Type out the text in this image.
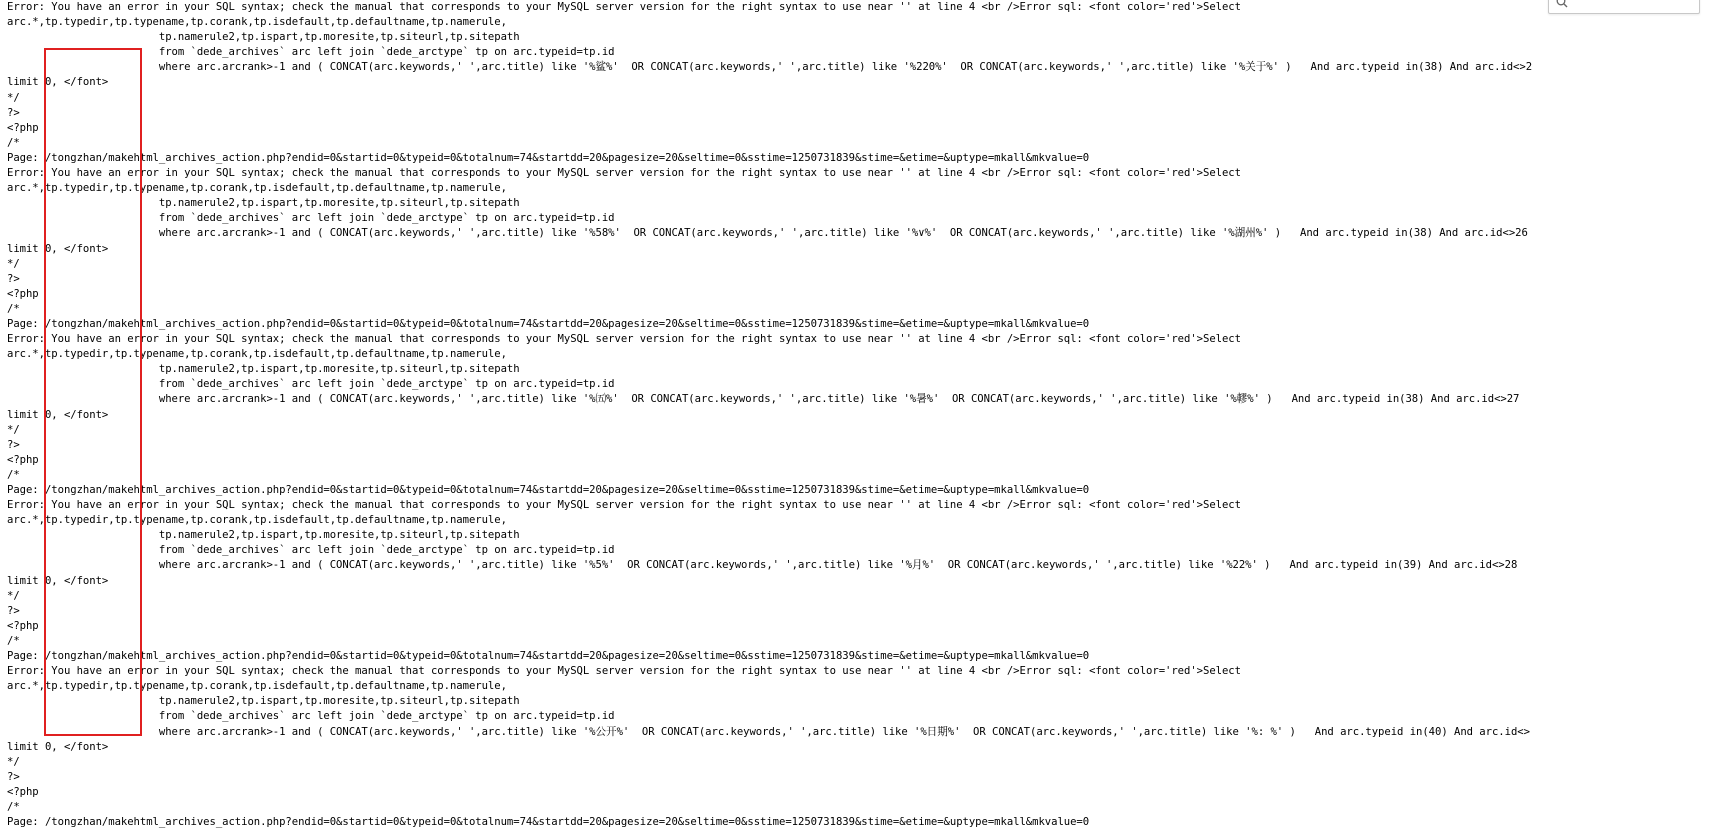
Error: You have an error in your SQL syntax; check the manual that corresponds to your MySQL server version for the right syntax to use near '' at line 4 <br />Error sql: <font color='red'>Select
arc.*,tp.typedir,tp.typename,tp.corank,tp.isdefault,tp.defaultname,tp.namerule,
tp.namerule2,tp.ispart,tp.moresite,tp.siteurl,tp.sitepath
from `dede_archives` arc left join `dede_arctype` tp on arc.typeid=tp.id
where arc.arcrank>-1 and ( CONCAT(arc.keywords,' ',arc.title) like '%鲨%'  OR CONCAT(arc.keywords,' ',arc.title) like '%220%'  OR CONCAT(arc.keywords,' ',arc.title) like '%关于%' )   And arc.typeid in(38) And arc.id<>2
limit 0, </font>
*/
?>
<?php
/*
Page: /tongzhan/makehtml_archives_action.php?endid=0&startid=0&typeid=0&totalnum=74&startdd=20&pagesize=20&seltime=0&sstime=1250731839&stime=&etime=&uptype=mkall&mkvalue=0
Error: You have an error in your SQL syntax; check the manual that corresponds to your MySQL server version for the right syntax to use near '' at line 4 <br />Error sql: <font color='red'>Select
arc.*,tp.typedir,tp.typename,tp.corank,tp.isdefault,tp.defaultname,tp.namerule,
tp.namerule2,tp.ispart,tp.moresite,tp.siteurl,tp.sitepath
from `dede_archives` arc left join `dede_arctype` tp on arc.typeid=tp.id
where arc.arcrank>-1 and ( CONCAT(arc.keywords,' ',arc.title) like '%58%'  OR CONCAT(arc.keywords,' ',arc.title) like '%∨%'  OR CONCAT(arc.keywords,' ',arc.title) like '%湖州%' )   And arc.typeid in(38) And arc.id<>26
limit 0, </font>
*/
?>
<?php
/*
Page: /tongzhan/makehtml_archives_action.php?endid=0&startid=0&typeid=0&totalnum=74&startdd=20&pagesize=20&seltime=0&sstime=1250731839&stime=&etime=&uptype=mkall&mkvalue=0
Error: You have an error in your SQL syntax; check the manual that corresponds to your MySQL server version for the right syntax to use near '' at line 4 <br />Error sql: <font color='red'>Select
arc.*,tp.typedir,tp.typename,tp.corank,tp.isdefault,tp.defaultname,tp.namerule,
tp.namerule2,tp.ispart,tp.moresite,tp.siteurl,tp.sitepath
from `dede_archives` arc left join `dede_arctype` tp on arc.typeid=tp.id
where arc.arcrank>-1 and ( CONCAT(arc.keywords,' ',arc.title) like '%㈤%'  OR CONCAT(arc.keywords,' ',arc.title) like '%暑%'  OR CONCAT(arc.keywords,' ',arc.title) like '%轇%' )   And arc.typeid in(38) And arc.id<>27
limit 0, </font>
*/
?>
<?php
/*
Page: /tongzhan/makehtml_archives_action.php?endid=0&startid=0&typeid=0&totalnum=74&startdd=20&pagesize=20&seltime=0&sstime=1250731839&stime=&etime=&uptype=mkall&mkvalue=0
Error: You have an error in your SQL syntax; check the manual that corresponds to your MySQL server version for the right syntax to use near '' at line 4 <br />Error sql: <font color='red'>Select
arc.*,tp.typedir,tp.typename,tp.corank,tp.isdefault,tp.defaultname,tp.namerule,
tp.namerule2,tp.ispart,tp.moresite,tp.siteurl,tp.sitepath
from `dede_archives` arc left join `dede_arctype` tp on arc.typeid=tp.id
where arc.arcrank>-1 and ( CONCAT(arc.keywords,' ',arc.title) like '%5%'  OR CONCAT(arc.keywords,' ',arc.title) like '%月%'  OR CONCAT(arc.keywords,' ',arc.title) like '%22%' )   And arc.typeid in(39) And arc.id<>28
limit 0, </font>
*/
?>
<?php
/*
Page: /tongzhan/makehtml_archives_action.php?endid=0&startid=0&typeid=0&totalnum=74&startdd=20&pagesize=20&seltime=0&sstime=1250731839&stime=&etime=&uptype=mkall&mkvalue=0
Error: You have an error in your SQL syntax; check the manual that corresponds to your MySQL server version for the right syntax to use near '' at line 4 <br />Error sql: <font color='red'>Select
arc.*,tp.typedir,tp.typename,tp.corank,tp.isdefault,tp.defaultname,tp.namerule,
tp.namerule2,tp.ispart,tp.moresite,tp.siteurl,tp.sitepath
from `dede_archives` arc left join `dede_arctype` tp on arc.typeid=tp.id
where arc.arcrank>-1 and ( CONCAT(arc.keywords,' ',arc.title) like '%公开%'  OR CONCAT(arc.keywords,' ',arc.title) like '%日期%'  OR CONCAT(arc.keywords,' ',arc.title) like '%: %' )   And arc.typeid in(40) And arc.id<>
limit 0, </font>
*/
?>
<?php
/*
Page: /tongzhan/makehtml_archives_action.php?endid=0&startid=0&typeid=0&totalnum=74&startdd=20&pagesize=20&seltime=0&sstime=1250731839&stime=&etime=&uptype=mkall&mkvalue=0
